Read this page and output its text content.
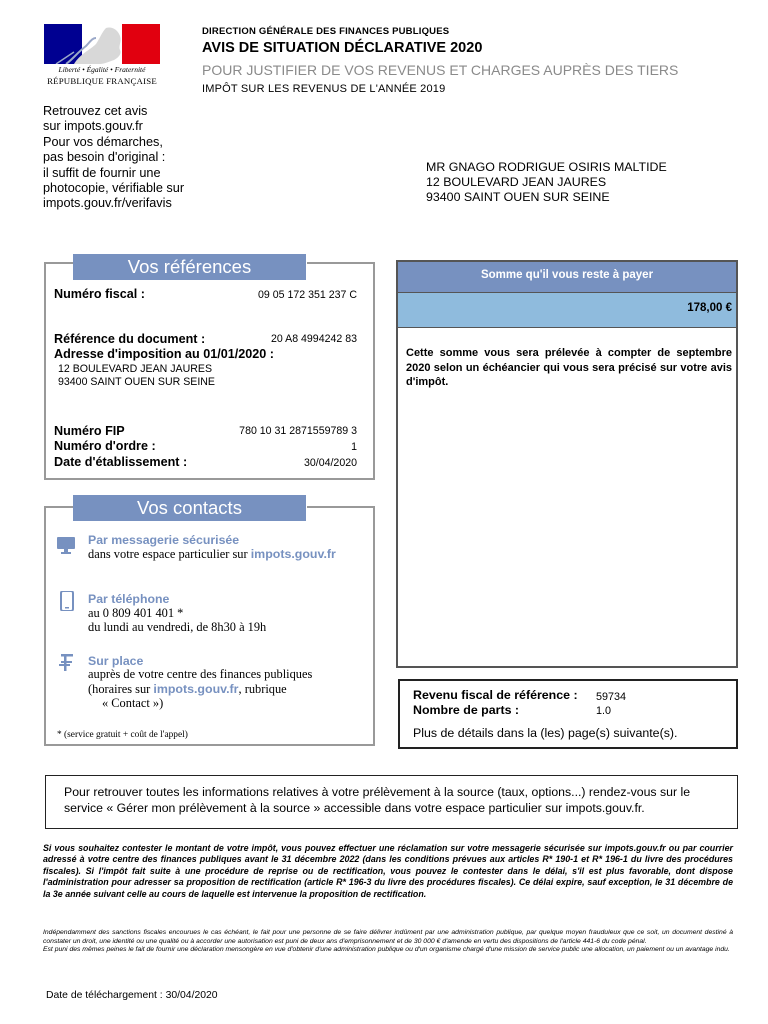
Liberté • Égalité • Fraternité
RÉPUBLIQUE FRANÇAISE
DIRECTION GÉNÉRALE DES FINANCES PUBLIQUES
AVIS DE SITUATION DÉCLARATIVE 2020
POUR JUSTIFIER DE VOS REVENUS ET CHARGES AUPRÈS DES TIERS
IMPÔT SUR LES REVENUS DE L'ANNÉE 2019
Retrouvez cet avis
sur impots.gouv.fr
Pour vos démarches,
pas besoin d'original :
il suffit de fournir une
photocopie, vérifiable sur
impots.gouv.fr/verifavis
MR GNAGO RODRIGUE OSIRIS MALTIDE
12 BOULEVARD JEAN JAURES
93400 SAINT OUEN SUR SEINE
Vos références
Numéro fiscal :	09 05 172 351 237 C
Référence du document :	20 A8 4994242 83
Adresse d'imposition au 01/01/2020 :
12 BOULEVARD JEAN JAURES
93400 SAINT OUEN SUR SEINE
Numéro FIP	780 10 31 2871559789 3
Numéro d'ordre :	1
Date d'établissement :	30/04/2020
Vos contacts
Par messagerie sécurisée
dans votre espace particulier sur impots.gouv.fr
Par téléphone
au 0 809 401 401 *
du lundi au vendredi, de 8h30 à 19h
Sur place
auprès de votre centre des finances publiques
(horaires sur impots.gouv.fr, rubrique
« Contact »)
* (service gratuit + coût de l'appel)
Somme qu'il vous reste à payer
178,00 €
Cette somme vous sera prélevée à compter de septembre 2020 selon un échéancier qui vous sera précisé sur votre avis d'impôt.
Revenu fiscal de référence : 59734
Nombre de parts :	1.0
Plus de détails dans la (les) page(s) suivante(s).
Pour retrouver toutes les informations relatives à votre prélèvement à la source (taux, options...) rendez-vous sur le service « Gérer mon prélèvement à la source » accessible dans votre espace particulier sur impots.gouv.fr.
Si vous souhaitez contester le montant de votre impôt, vous pouvez effectuer une réclamation sur votre messagerie sécurisée sur impots.gouv.fr ou par courrier adressé à votre centre des finances publiques avant le 31 décembre 2022 (dans les conditions prévues aux articles R* 190-1 et R* 196-1 du livre des procédures fiscales). Si l'impôt fait suite à une procédure de reprise ou de rectification, vous pouvez le contester dans le délai, s'il est plus favorable, dont dispose l'administration pour adresser sa proposition de rectification (article R* 196-3 du livre des procédures fiscales). Ce délai expire, sauf exception, le 31 décembre de la 3e année suivant celle au cours de laquelle est intervenue la proposition de rectification.
Indépendamment des sanctions fiscales encourues le cas échéant, le fait pour une personne de se faire délivrer indûment par une administration publique, par quelque moyen frauduleux que ce soit, un document destiné à constater un droit, une identité ou une qualité ou à accorder une autorisation est puni de deux ans d'emprisonnement et de 30 000 € d'amende en vertu des dispositions de l'article 441-6 du code pénal.
Est puni des mêmes peines le fait de fournir une déclaration mensongère en vue d'obtenir d'une administration publique ou d'un organisme chargé d'une mission de service public une allocation, un paiement ou un avantage indu.
Date de téléchargement : 30/04/2020
